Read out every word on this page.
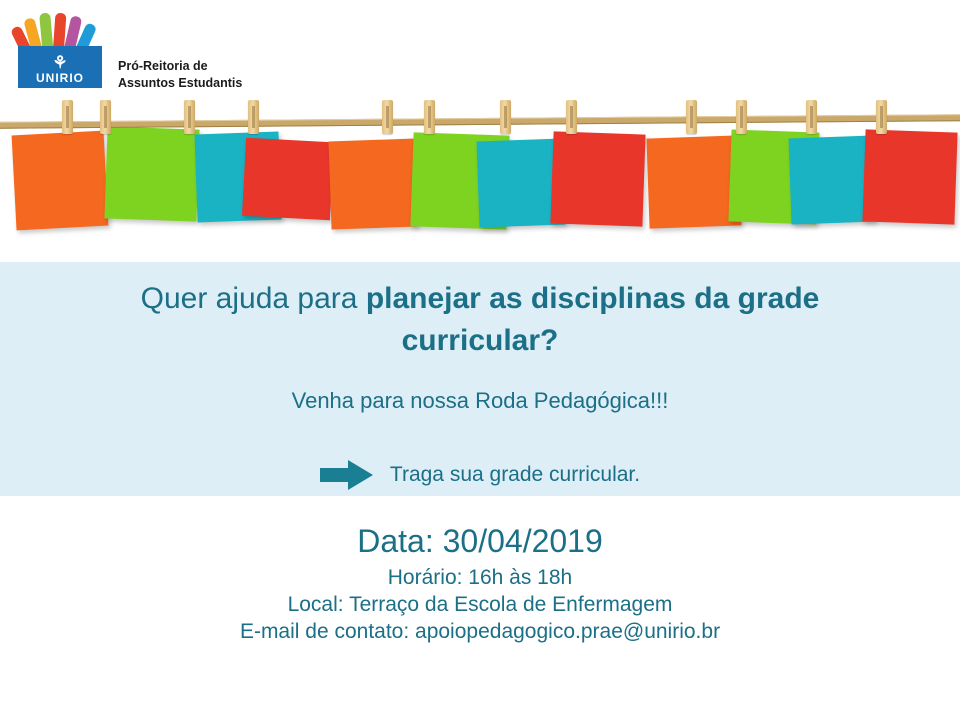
⚘
UNIRIO
Pró-Reitoria de
Assuntos Estudantis
Quer ajuda para planejar as disciplinas da grade curricular?
Venha para nossa Roda Pedagógica!!!
Traga sua grade curricular.
Data: 30/04/2019
Horário: 16h às 18h
Local: Terraço da Escola de Enfermagem
E-mail de contato: apoiopedagogico.prae@unirio.br
